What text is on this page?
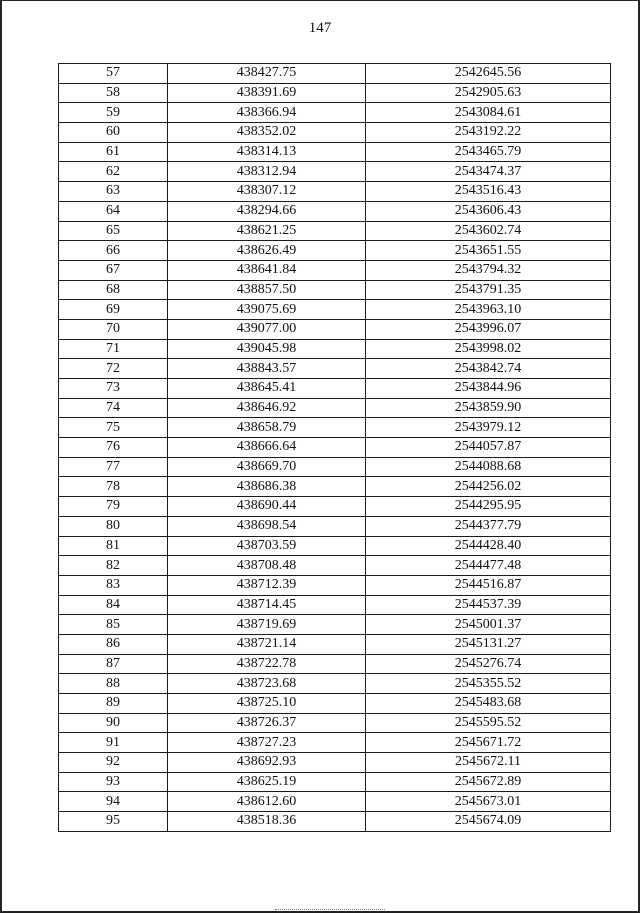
147
57	438427.75	2542645.56
58	438391.69	2542905.63
59	438366.94	2543084.61
60	438352.02	2543192.22
61	438314.13	2543465.79
62	438312.94	2543474.37
63	438307.12	2543516.43
64	438294.66	2543606.43
65	438621.25	2543602.74
66	438626.49	2543651.55
67	438641.84	2543794.32
68	438857.50	2543791.35
69	439075.69	2543963.10
70	439077.00	2543996.07
71	439045.98	2543998.02
72	438843.57	2543842.74
73	438645.41	2543844.96
74	438646.92	2543859.90
75	438658.79	2543979.12
76	438666.64	2544057.87
77	438669.70	2544088.68
78	438686.38	2544256.02
79	438690.44	2544295.95
80	438698.54	2544377.79
81	438703.59	2544428.40
82	438708.48	2544477.48
83	438712.39	2544516.87
84	438714.45	2544537.39
85	438719.69	2545001.37
86	438721.14	2545131.27
87	438722.78	2545276.74
88	438723.68	2545355.52
89	438725.10	2545483.68
90	438726.37	2545595.52
91	438727.23	2545671.72
92	438692.93	2545672.11
93	438625.19	2545672.89
94	438612.60	2545673.01
95	438518.36	2545674.09
